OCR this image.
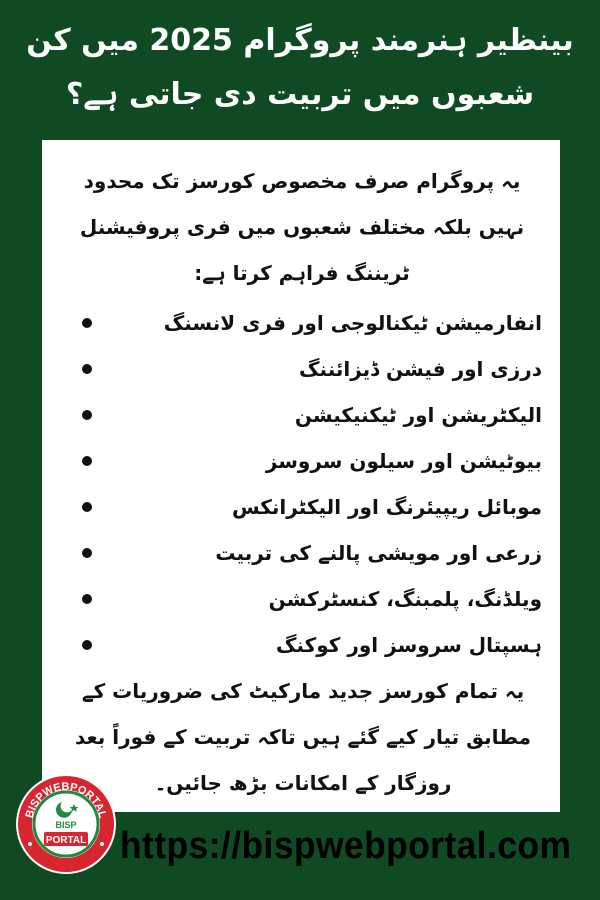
بینظیر ہنرمند پروگرام 2025 میں کن شعبوں میں تربیت دی جاتی ہے؟
یہ پروگرام صرف مخصوص کورسز تک محدود نہیں بلکہ مختلف شعبوں میں فری پروفیشنل ٹریننگ فراہم کرتا ہے:
انفارمیشن ٹیکنالوجی اور فری لانسنگ
درزی اور فیشن ڈیزائننگ
الیکٹریشن اور ٹیکنیکیشن
بیوٹیشن اور سیلون سروسز
موبائل ریپیئرنگ اور الیکٹرانکس
زرعی اور مویشی پالنے کی تربیت
ویلڈنگ، پلمبنگ، کنسٹرکشن
ہسپتال سروسز اور کوکنگ
یہ تمام کورسز جدید مارکیٹ کی ضروریات کے مطابق تیار کیے گئے ہیں تاکہ تربیت کے فوراً بعد روزگار کے امکانات بڑھ جائیں۔
BISPWEBPORTAL
BISP
PORTAL https://bispwebportal.com
